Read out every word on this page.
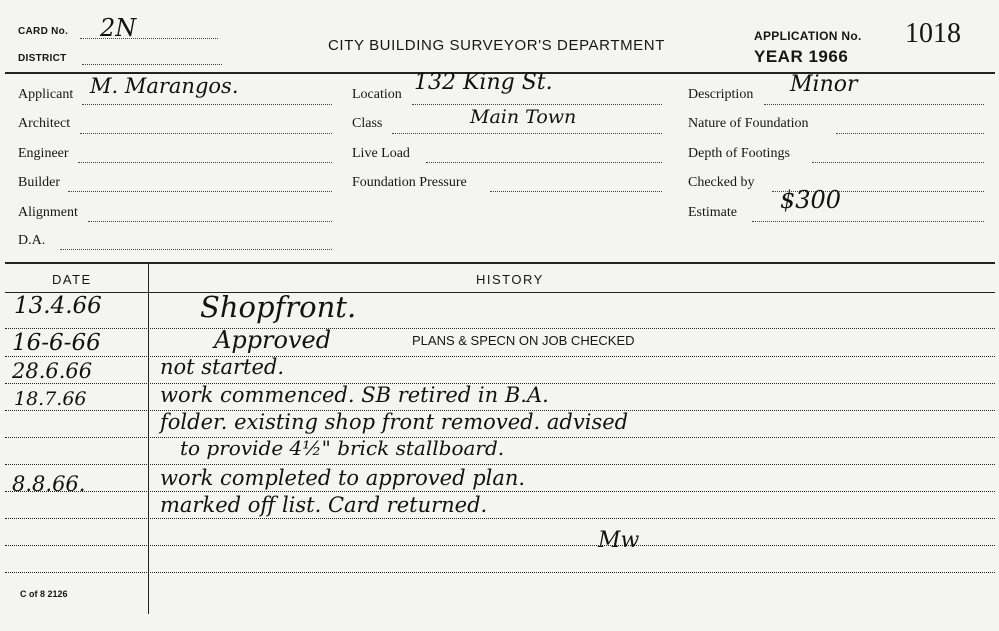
CARD No. 2N
DISTRICT
CITY BUILDING SURVEYOR'S DEPARTMENT
APPLICATION No. 1018
YEAR 1966
Applicant M. Marangos.
Architect
Engineer
Builder
Alignment
D.A.
Location 132 King St.
Class	Main Town
Live Load
Foundation Pressure
Description Minor
Nature of Foundation
Depth of Footings
Checked by
Estimate $300
DATE	HISTORY
13.4.66	Shopfront.
16-6-66	Approved	PLANS & SPECN ON JOB CHECKED
28.6.66	not started.
18.7.66	work commenced. SB retired in B.A.
folder. existing shop front removed. advised
to provide 4½" brick stallboard.
8.8.66.	work completed to approved plan.
marked off list. Card returned.
Mw
C of 8 2126
